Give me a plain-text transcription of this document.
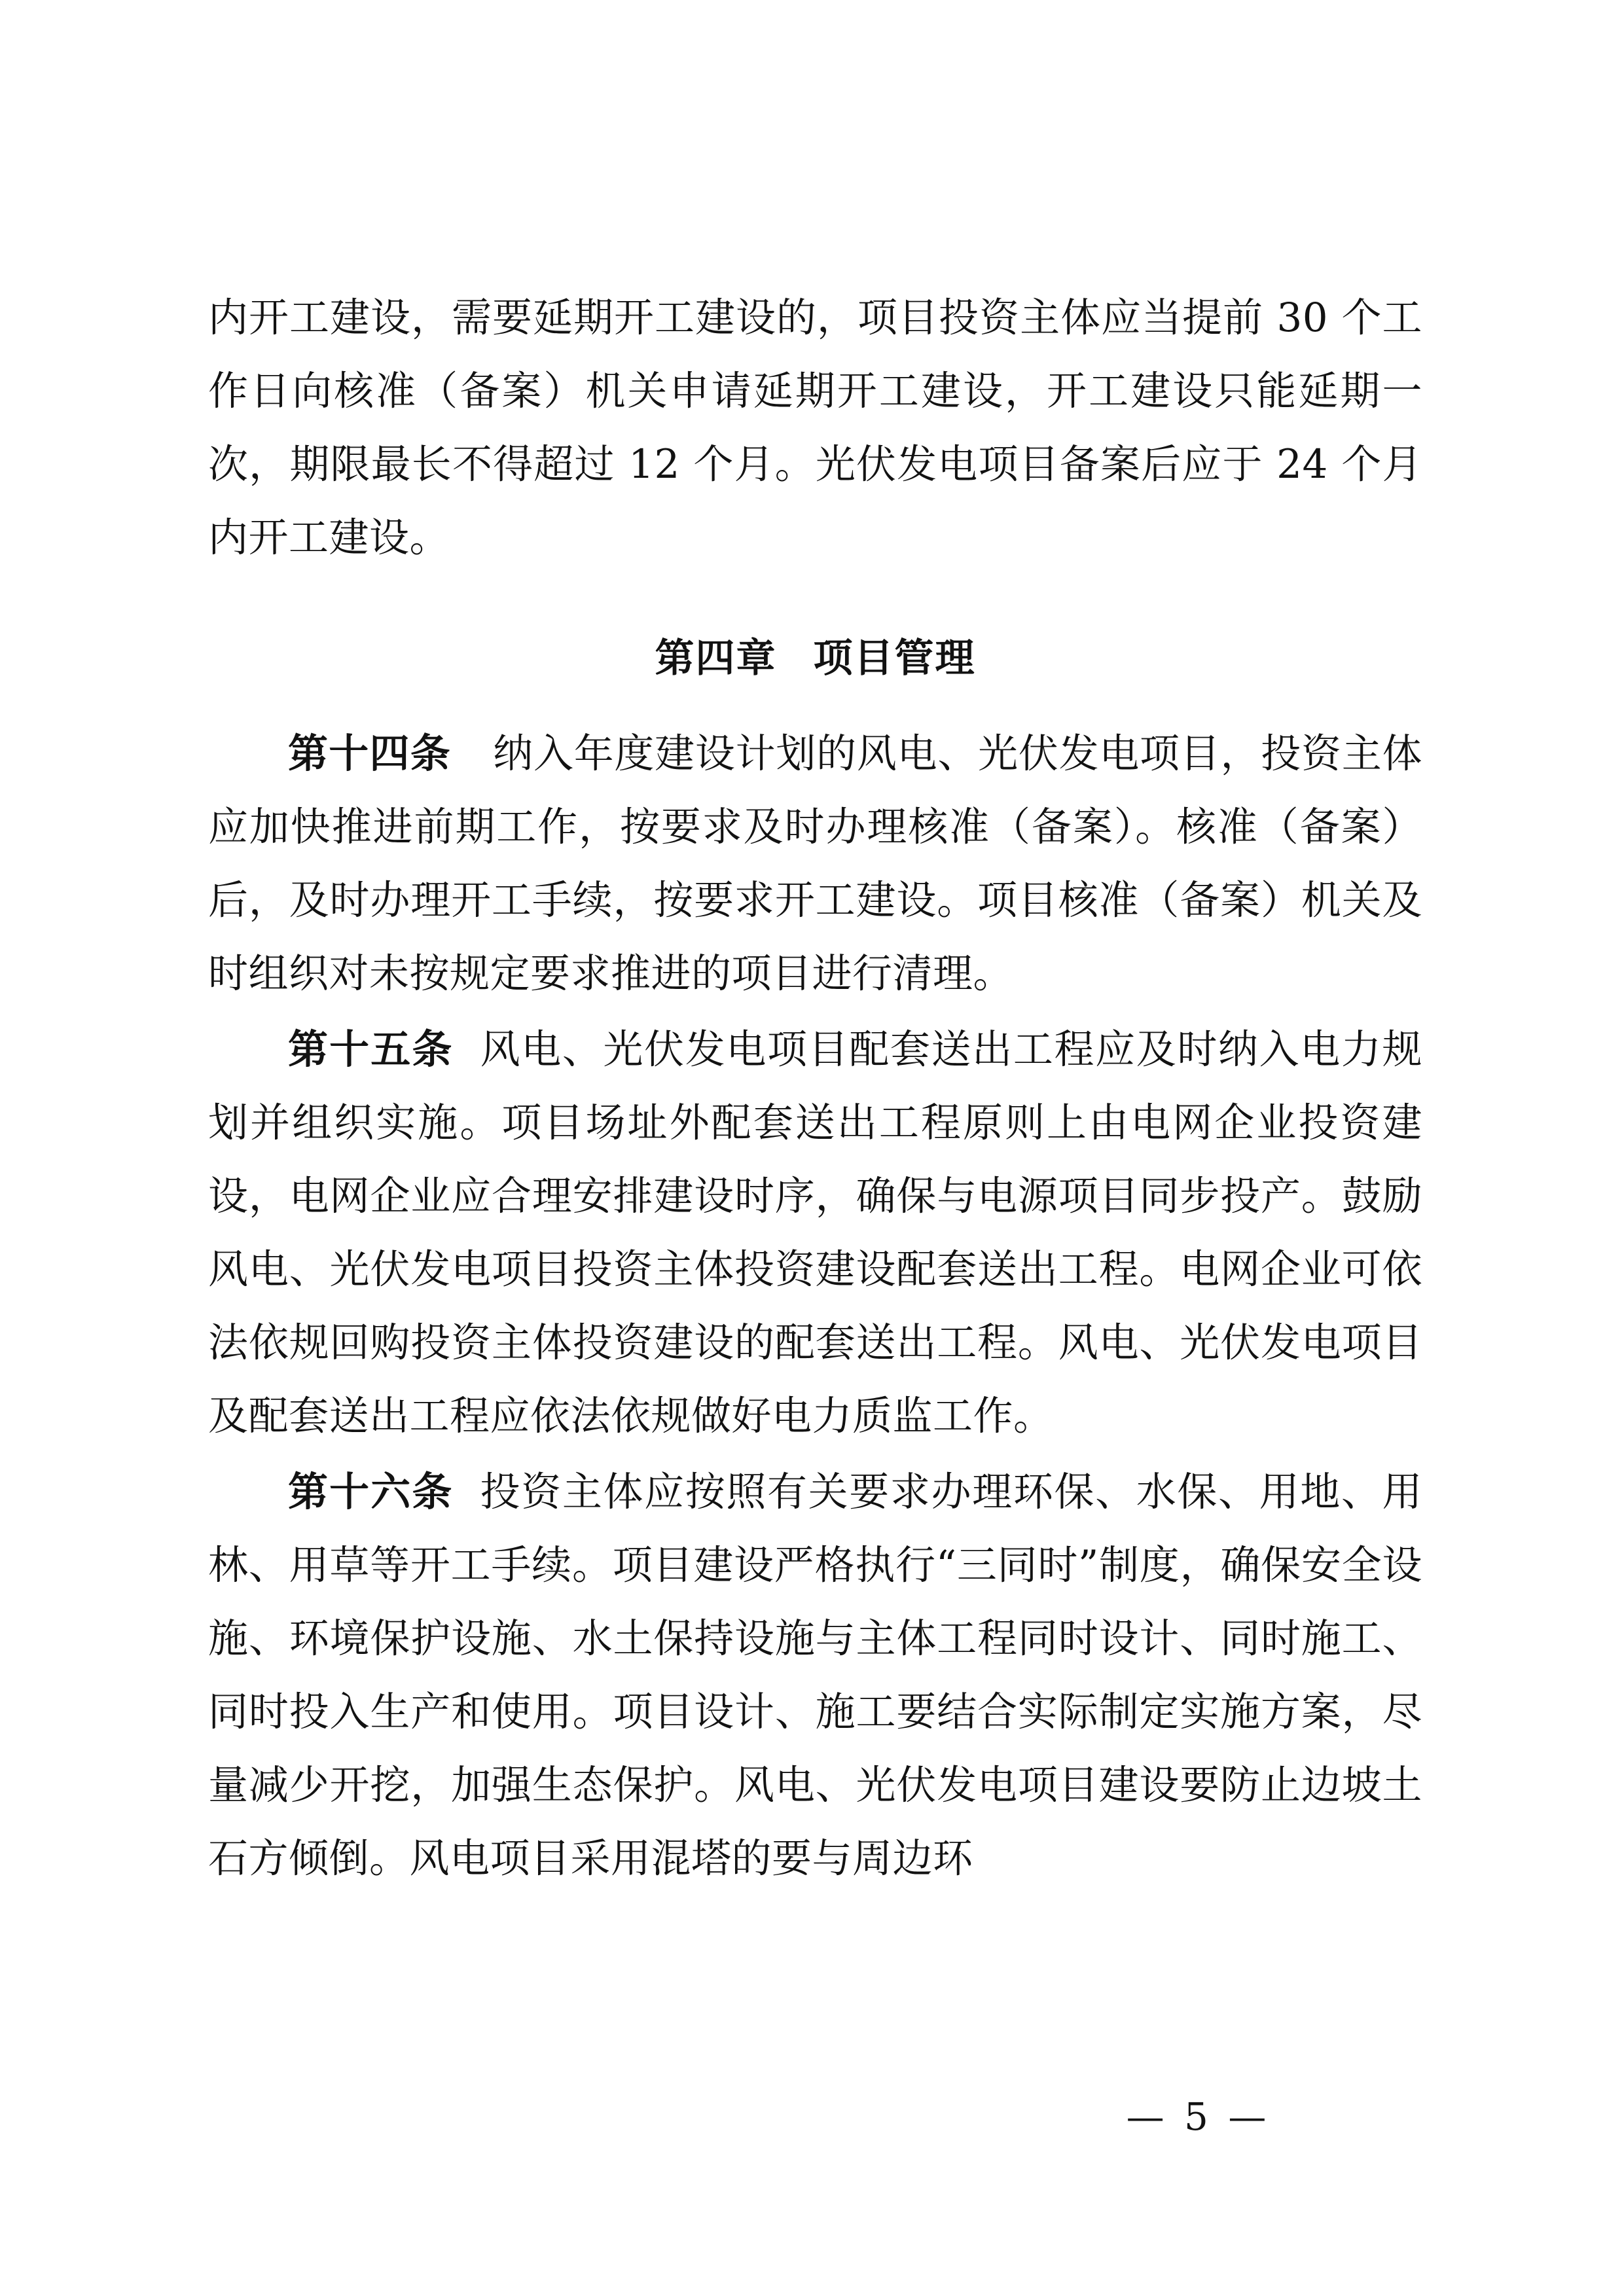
内开工建设，需要延期开工建设的，项目投资主体应当提前 30 个工作日向核准（备案）机关申请延期开工建设，开工建设只能延期一次，期限最长不得超过 12 个月。光伏发电项目备案后应于 24 个月内开工建设。

第四章 项目管理

第十四条 纳入年度建设计划的风电、光伏发电项目，投资主体应加快推进前期工作，按要求及时办理核准（备案）。核准（备案）后，及时办理开工手续，按要求开工建设。项目核准（备案）机关及时组织对未按规定要求推进的项目进行清理。

第十五条 风电、光伏发电项目配套送出工程应及时纳入电力规划并组织实施。项目场址外配套送出工程原则上由电网企业投资建设，电网企业应合理安排建设时序，确保与电源项目同步投产。鼓励风电、光伏发电项目投资主体投资建设配套送出工程。电网企业可依法依规回购投资主体投资建设的配套送出工程。风电、光伏发电项目及配套送出工程应依法依规做好电力质监工作。

第十六条 投资主体应按照有关要求办理环保、水保、用地、用林、用草等开工手续。项目建设严格执行“三同时”制度，确保安全设施、环境保护设施、水土保持设施与主体工程同时设计、同时施工、同时投入生产和使用。项目设计、施工要结合实际制定实施方案，尽量减少开挖，加强生态保护。风电、光伏发电项目建设要防止边坡土石方倾倒。风电项目采用混塔的要与周边环

— 5 —
